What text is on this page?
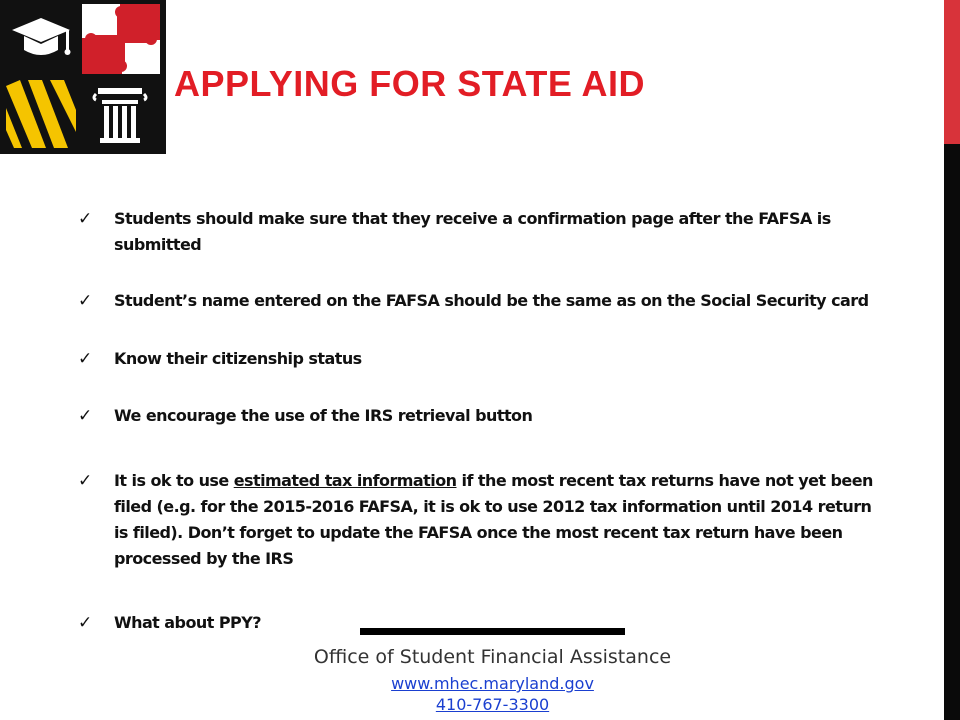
APPLYING FOR STATE AID
✓	Students should make sure that they receive a confirmation page after the FAFSA is submitted
✓	Student’s name entered on the FAFSA should be the same as on the Social Security card
✓	Know their citizenship status
✓	We encourage the use of the IRS retrieval button
✓	It is ok to use estimated tax information if the most recent tax returns have not yet been filed (e.g. for the 2015-2016 FAFSA, it is ok to use 2012 tax information until 2014 return is filed). Don’t forget to update the FAFSA once the most recent tax return have been processed by the IRS
✓	What about PPY?
Office of Student Financial Assistance
www.mhec.maryland.gov
410-767-3300
